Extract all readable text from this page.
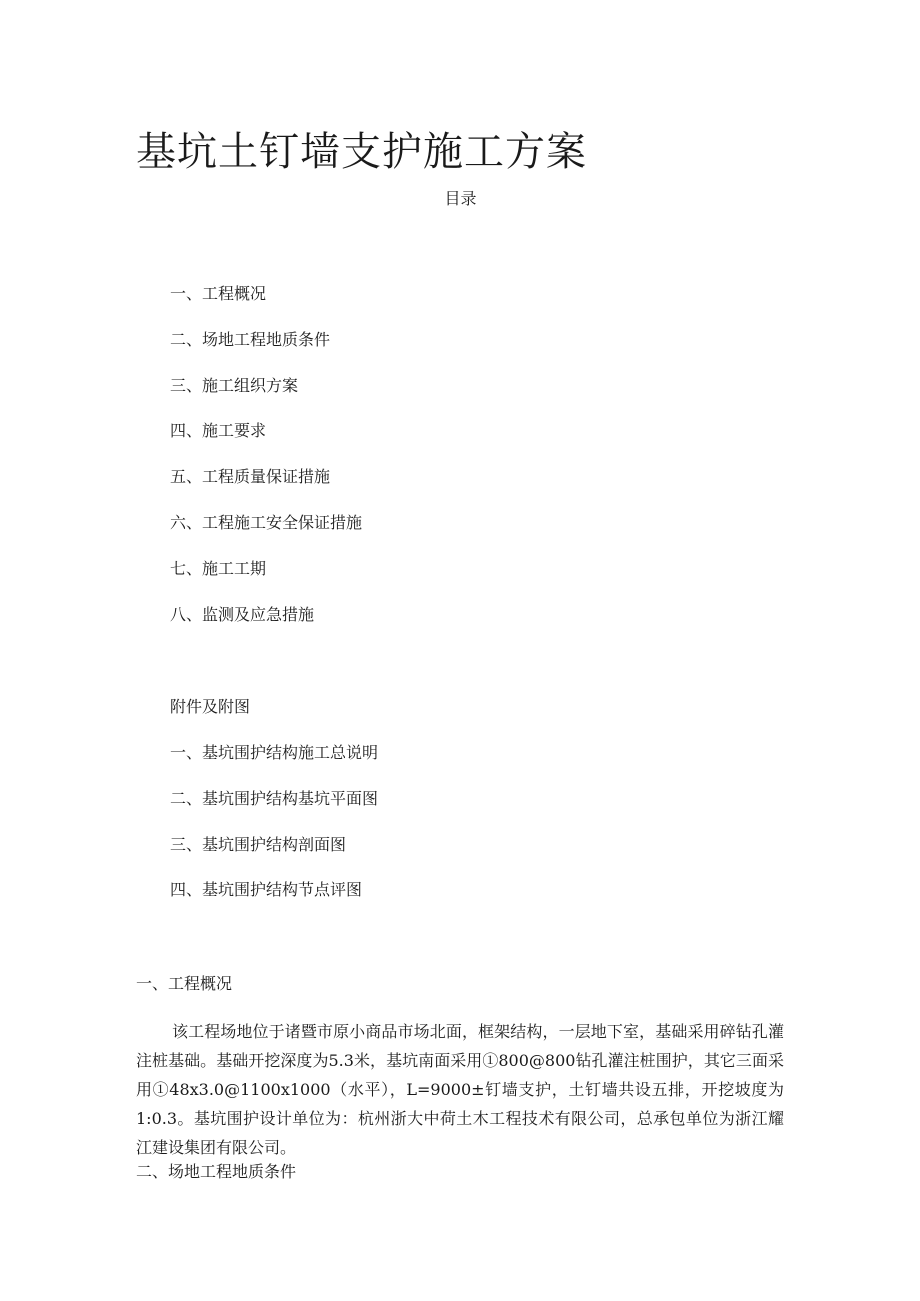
基坑土钉墙支护施工方案
目录
一、工程概况
二、场地工程地质条件
三、施工组织方案
四、施工要求
五、工程质量保证措施
六、工程施工安全保证措施
七、施工工期
八、监测及应急措施
附件及附图
一、基坑围护结构施工总说明
二、基坑围护结构基坑平面图
三、基坑围护结构剖面图
四、基坑围护结构节点评图
一、工程概况

该工程场地位于诸暨市原小商品市场北面，框架结构，一层地下室，基础采用碎钻孔灌注桩基础。基础开挖深度为5.3米，基坑南面采用①800@800钻孔灌注桩围护，其它三面采用①48x3.0@1100x1000（水平），L=9000±钉墙支护，土钉墙共设五排，开挖坡度为1:0.3。基坑围护设计单位为：杭州浙大中荷土木工程技术有限公司，总承包单位为浙江耀江建设集团有限公司。

二、场地工程地质条件
